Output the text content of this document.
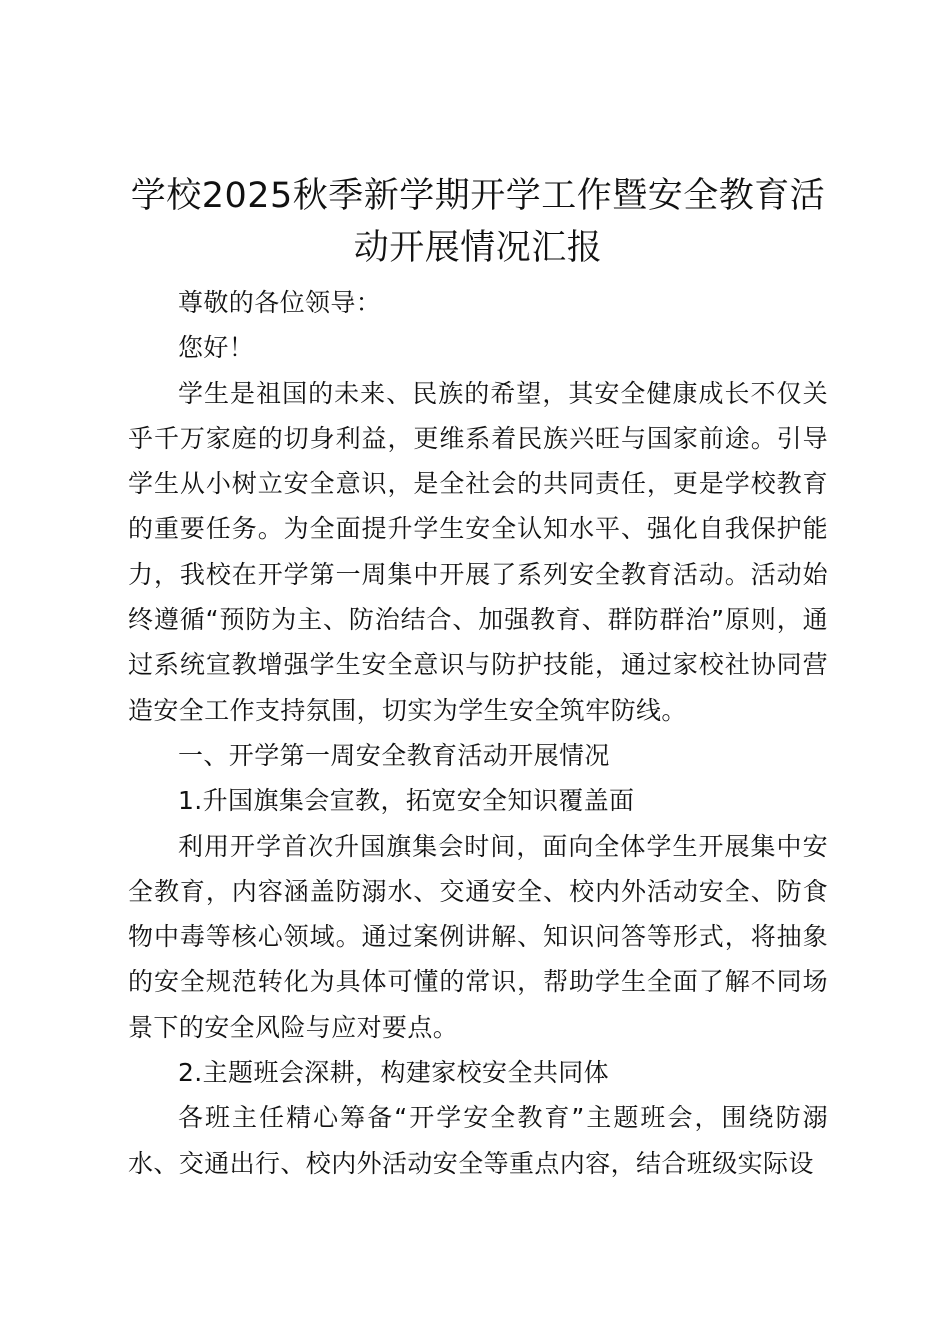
学校2025秋季新学期开学工作暨安全教育活动开展情况汇报

尊敬的各位领导：

您好！

学生是祖国的未来、民族的希望，其安全健康成长不仅关乎千万家庭的切身利益，更维系着民族兴旺与国家前途。引导学生从小树立安全意识，是全社会的共同责任，更是学校教育的重要任务。为全面提升学生安全认知水平、强化自我保护能力，我校在开学第一周集中开展了系列安全教育活动。活动始终遵循“预防为主、防治结合、加强教育、群防群治”原则，通过系统宣教增强学生安全意识与防护技能，通过家校社协同营造安全工作支持氛围，切实为学生安全筑牢防线。

一、开学第一周安全教育活动开展情况

1.升国旗集会宣教，拓宽安全知识覆盖面

利用开学首次升国旗集会时间，面向全体学生开展集中安全教育，内容涵盖防溺水、交通安全、校内外活动安全、防食物中毒等核心领域。通过案例讲解、知识问答等形式，将抽象的安全规范转化为具体可懂的常识，帮助学生全面了解不同场景下的安全风险与应对要点。

2.主题班会深耕，构建家校安全共同体

各班主任精心筹备“开学安全教育”主题班会，围绕防溺水、交通出行、校内外活动安全等重点内容，结合班级实际设
